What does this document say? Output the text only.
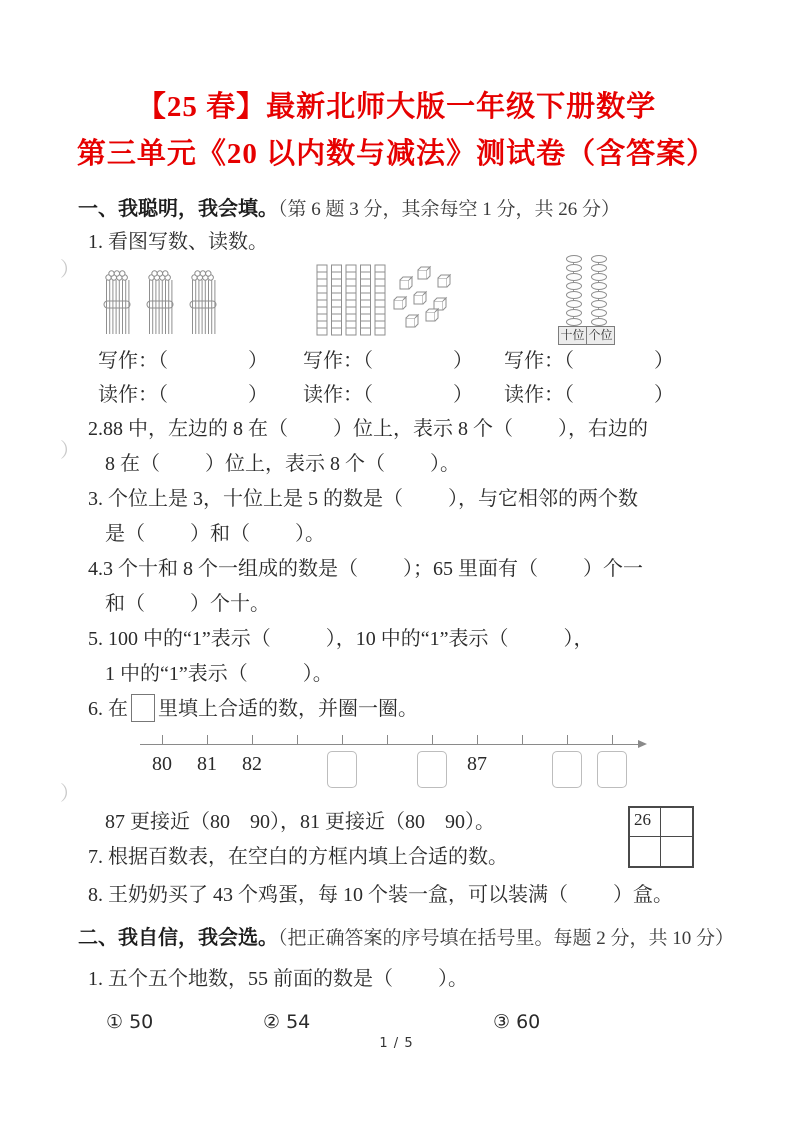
【25 春】最新北师大版一年级下册数学
第三单元《20 以内数与减法》测试卷（含答案）
一、我聪明，我会填。（第 6 题 3 分，其余每空 1 分，共 26 分）
1. 看图写数、读数。
写作：（                ）
读作：（                ）
写作：（                ）
读作：（                ）
十位 个位
写作：（                ）
读作：（                ）
2.88 中，左边的 8 在（         ）位上，表示 8 个（         ），右边的
8 在（         ）位上，表示 8 个（         ）。
3. 个位上是 3，十位上是 5 的数是（         ），与它相邻的两个数
是（         ）和（         ）。
4.3 个十和 8 个一组成的数是（         ）；65 里面有（         ）个一
和（         ）个十。
5. 100 中的“1”表示（           ），10 中的“1”表示（           ），
1 中的“1”表示（           ）。
6. 在 里填上合适的数，并圈一圈。
80	81	82	87
87 更接近（80    90），81 更接近（80    90）。
7. 根据百数表，在空白的方框内填上合适的数。
8. 王奶奶买了 43 个鸡蛋，每 10 个装一盒，可以装满（         ）盒。
二、我自信，我会选。（把正确答案的序号填在括号里。每题 2 分，共 10 分）
1. 五个五个地数，55 前面的数是（         ）。
① 50	② 54	③ 60
26
）
）
）
1 / 5
